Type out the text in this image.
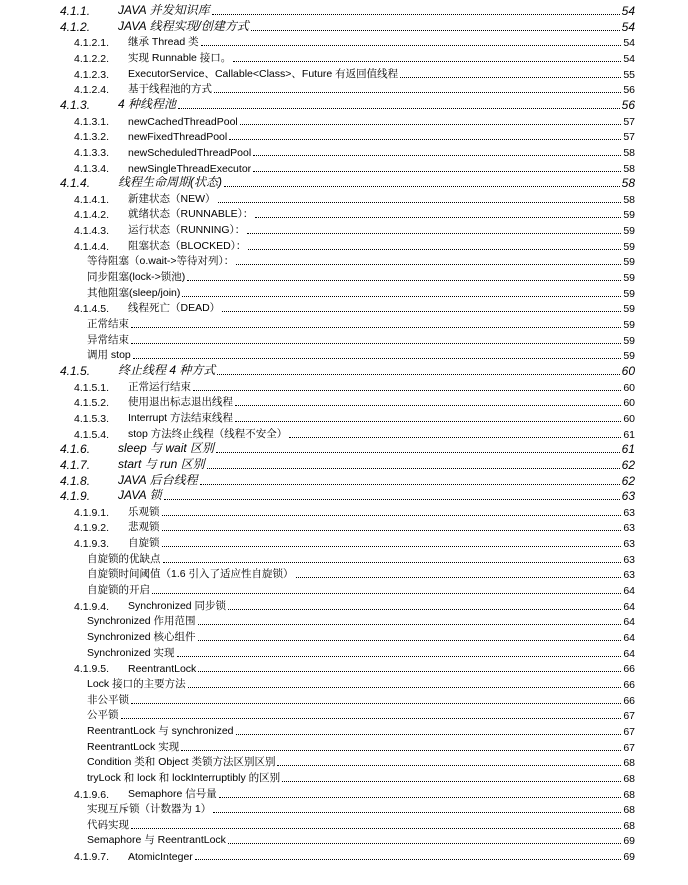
4.1.1.	JAVA 并发知识库	54
4.1.2.	JAVA 线程实现/创建方式	54
4.1.2.1.	继承 Thread 类	54
4.1.2.2.	实现 Runnable 接口。	54
4.1.2.3.	ExecutorService、Callable<Class>、Future 有返回值线程	55
4.1.2.4.	基于线程池的方式	56
4.1.3.	4 种线程池	56
4.1.3.1.	newCachedThreadPool	57
4.1.3.2.	newFixedThreadPool	57
4.1.3.3.	newScheduledThreadPool	58
4.1.3.4.	newSingleThreadExecutor	58
4.1.4.	线程生命周期(状态)	58
4.1.4.1.	新建状态（NEW）	58
4.1.4.2.	就绪状态（RUNNABLE）：	59
4.1.4.3.	运行状态（RUNNING）：	59
4.1.4.4.	阻塞状态（BLOCKED）：	59
等待阻塞（o.wait->等待对列）：	59
同步阻塞(lock->锁池)	59
其他阻塞(sleep/join)	59
4.1.4.5.	线程死亡（DEAD）	59
正常结束	59
异常结束	59
调用 stop	59
4.1.5.	终止线程 4 种方式	60
4.1.5.1.	正常运行结束	60
4.1.5.2.	使用退出标志退出线程	60
4.1.5.3.	Interrupt 方法结束线程	60
4.1.5.4.	stop 方法终止线程（线程不安全）	61
4.1.6.	sleep 与 wait 区别	61
4.1.7.	start 与 run 区别	62
4.1.8.	JAVA 后台线程	62
4.1.9.	JAVA 锁	63
4.1.9.1.	乐观锁	63
4.1.9.2.	悲观锁	63
4.1.9.3.	自旋锁	63
自旋锁的优缺点	63
自旋锁时间阈值（1.6 引入了适应性自旋锁）	63
自旋锁的开启	64
4.1.9.4.	Synchronized 同步锁	64
Synchronized 作用范围	64
Synchronized 核心组件	64
Synchronized 实现	64
4.1.9.5.	ReentrantLock	66
Lock 接口的主要方法	66
非公平锁	66
公平锁	67
ReentrantLock 与 synchronized	67
ReentrantLock 实现	67
Condition 类和 Object 类锁方法区别区别	68
tryLock 和 lock 和 lockInterruptibly 的区别	68
4.1.9.6.	Semaphore 信号量	68
实现互斥锁（计数器为 1）	68
代码实现	68
Semaphore 与 ReentrantLock	69
4.1.9.7.	AtomicInteger	69
